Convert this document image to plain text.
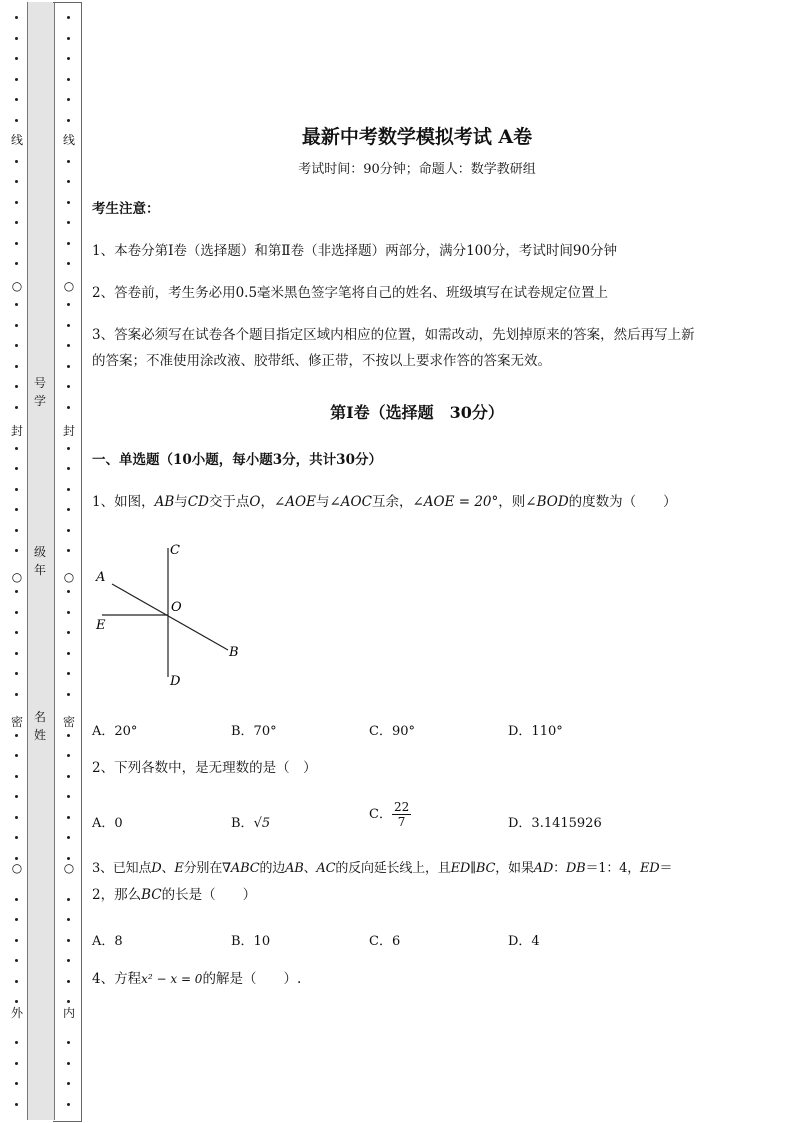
线
○
封
○
密
○
外
线
○
封
○
密
○
内
号
学
级
年
名
姓
最新中考数学模拟考试 A卷
考试时间：90分钟；命题人：数学教研组
考生注意：
1、本卷分第I卷（选择题）和第Ⅱ卷（非选择题）两部分，满分100分，考试时间90分钟
2、答卷前，考生务必用0.5毫米黑色签字笔将自己的姓名、班级填写在试卷规定位置上
3、答案必须写在试卷各个题目指定区域内相应的位置，如需改动，先划掉原来的答案，然后再写上新
的答案；不准使用涂改液、胶带纸、修正带，不按以上要求作答的答案无效。
第I卷（选择题　30分）
一、单选题（10小题，每小题3分，共计30分）
1、如图，AB与CD交于点O，∠AOE与∠AOC互余，∠AOE = 20°，则∠BOD的度数为（　　）
C
A
O
E
B
D
A．20°	B．70°	C．90°	D．110°
2、下列各数中，是无理数的是（　）
A．0	B．√5
C． $\frac{22}{7}$	D．3.1415926
3、已知点D、E分别在∇ABC的边AB、AC的反向延长线上，且ED∥BC，如果AD：DB＝1：4，ED＝
2，那么BC的长是（　　）
A．8	B．10	C．6	D．4
4、方程x² − x = 0的解是（　　）.
